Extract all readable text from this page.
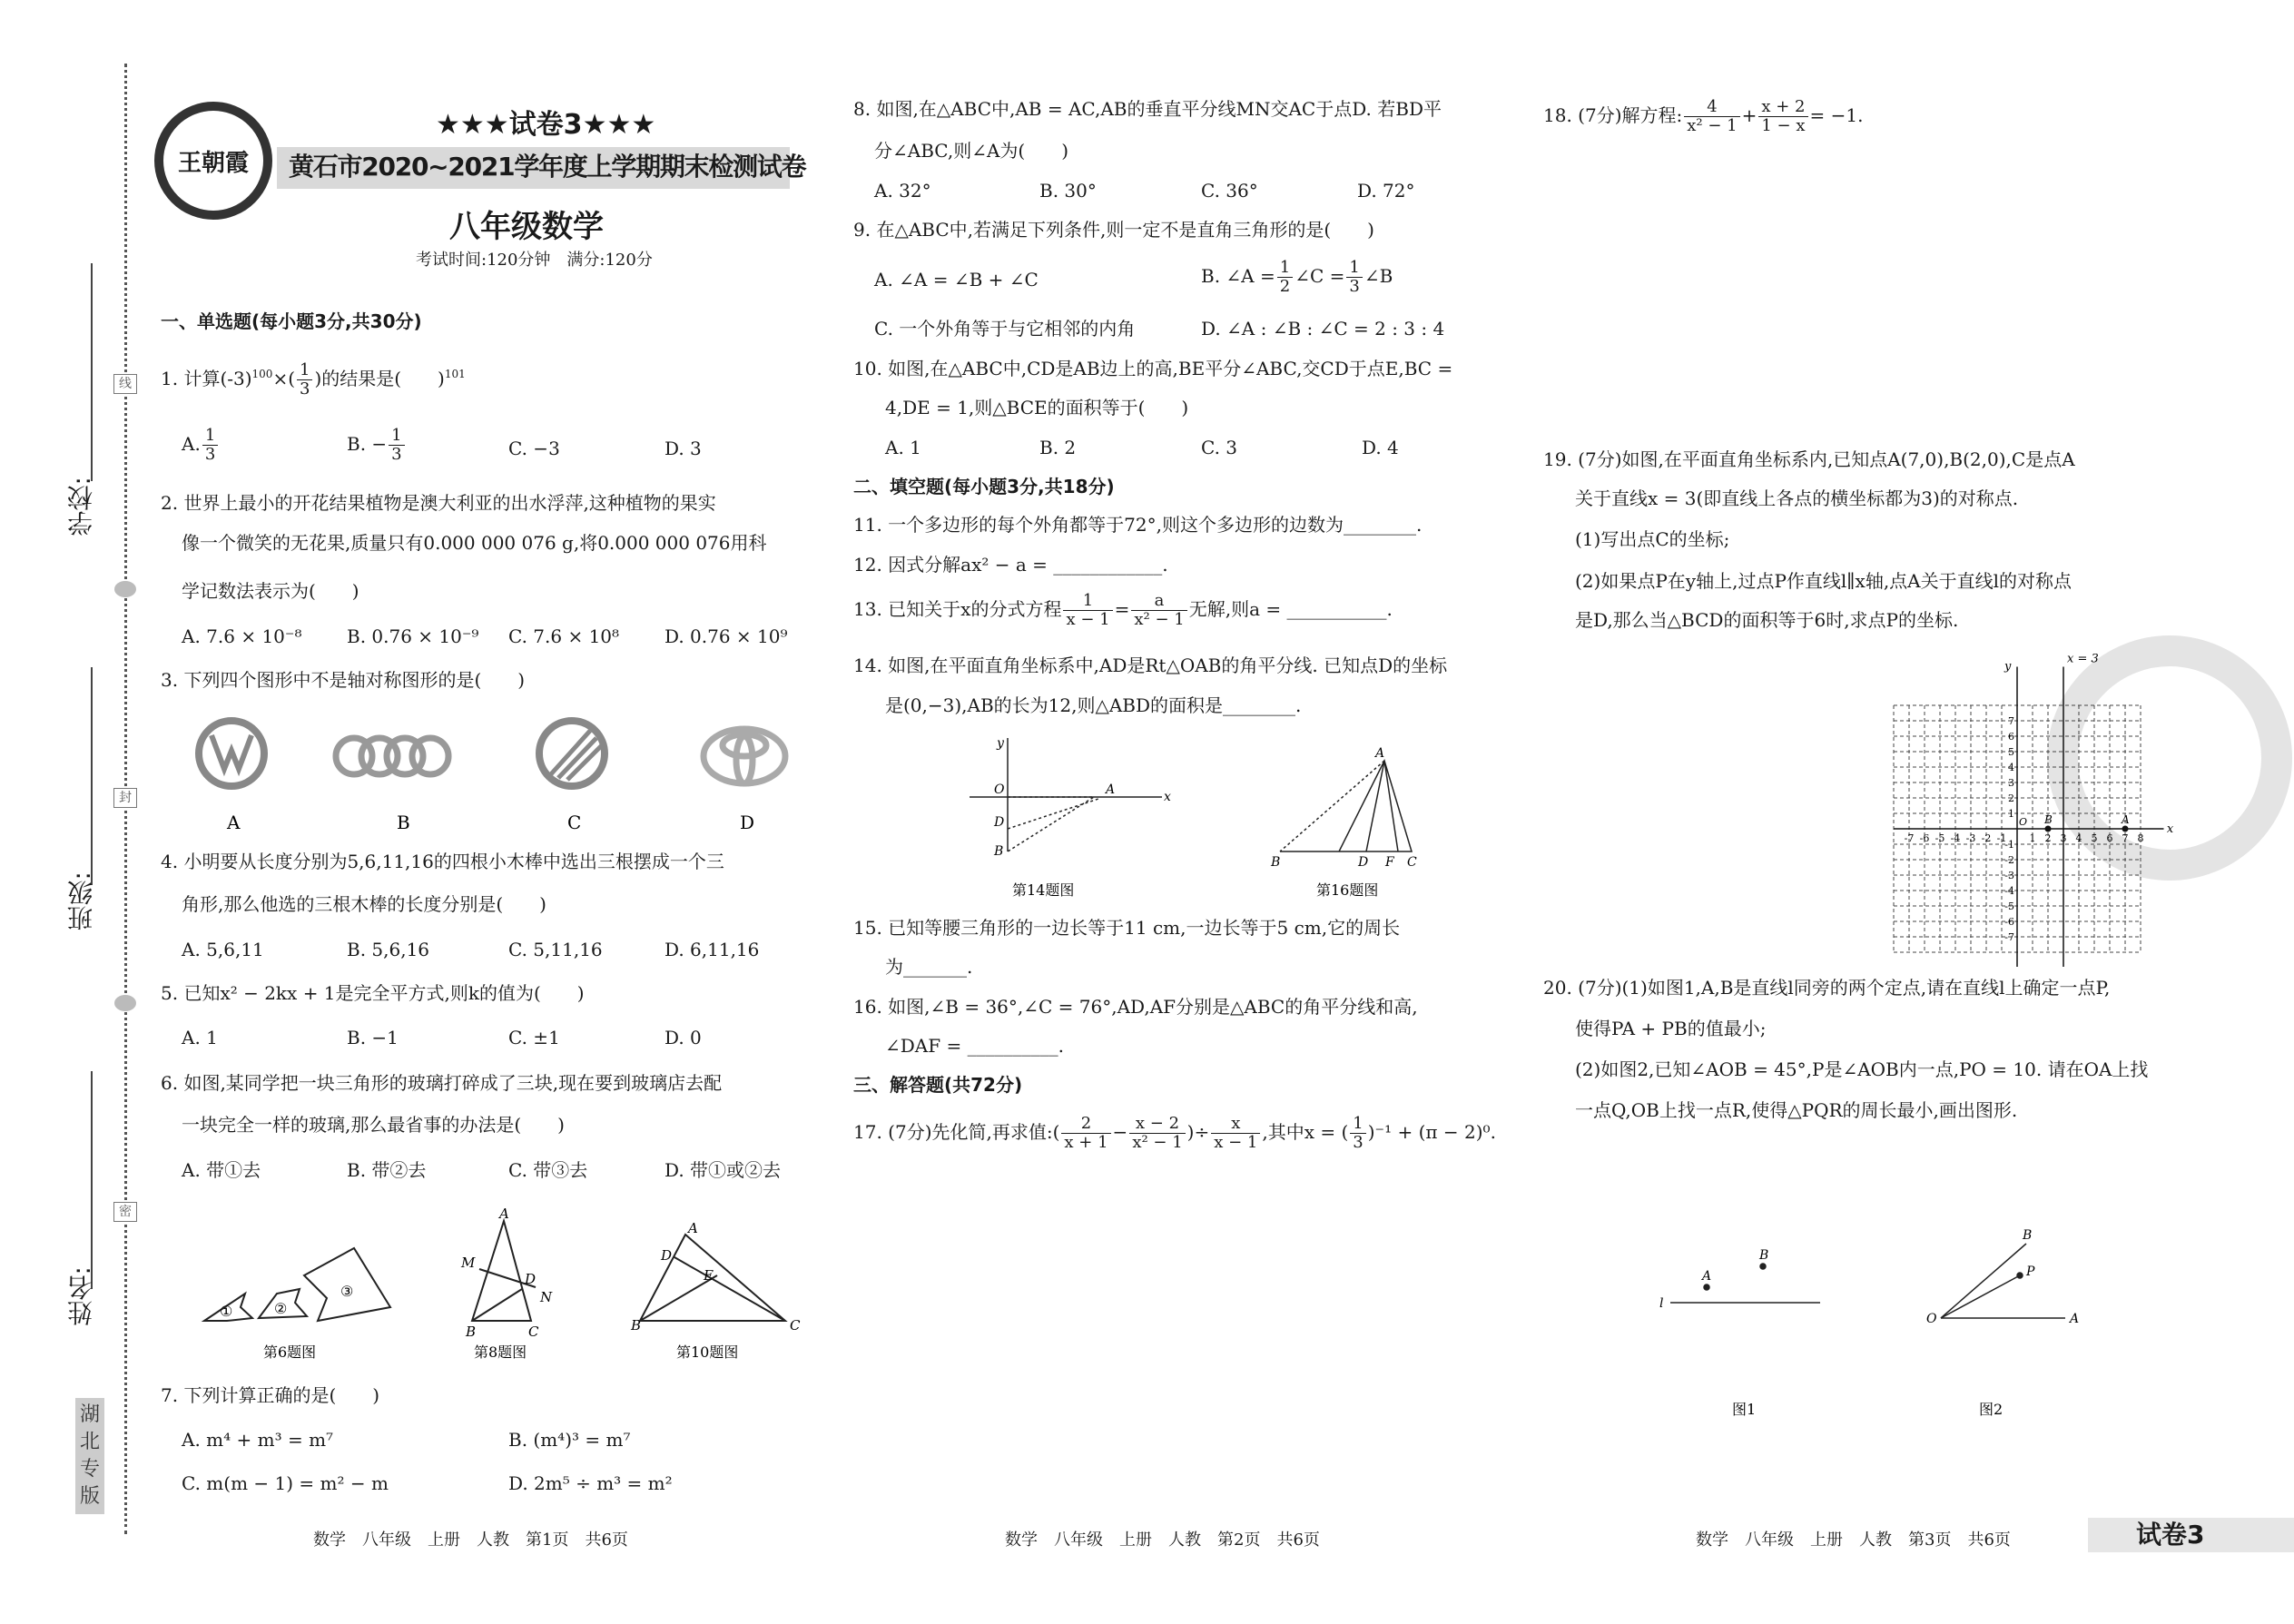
线
封
密
学校:
班级:
姓名:
湖北专版
王朝霞
★★★试卷3★★★
黄石市2020~2021学年度上学期期末检测试卷
八年级数学
考试时间:120分钟　满分:120分
一、单选题(每小题3分,共30分)
1. 计算$(-3)^{100}\times( \frac{1}{3}$ )的结果是(　　)$^{101}$
A. $\frac{1}{3}$	B. − $\frac{1}{3}$	C. −3	D. 3
2. 世界上最小的开花结果植物是澳大利亚的出水浮萍,这种植物的果实
像一个微笑的无花果,质量只有0.000 000 076 g,将0.000 000 076用科
学记数法表示为(　　)
A. 7.6 × 10⁻⁸ B. 0.76 × 10⁻⁹ C. 7.6 × 10⁸ D. 0.76 × 10⁹
3. 下列四个图形中不是轴对称图形的是(　　)
A	B	C	D
4. 小明要从长度分别为5,6,11,16的四根小木棒中选出三根摆成一个三
角形,那么他选的三根木棒的长度分别是(　　)
A. 5,6,11	B. 5,6,16	C. 5,11,16	D. 6,11,16
5. 已知x² − 2kx + 1是完全平方式,则k的值为(　　)
A. 1	B. −1	C. ±1	D. 0
6. 如图,某同学把一块三角形的玻璃打碎成了三块,现在要到玻璃店去配
一块完全一样的玻璃,那么最省事的办法是(　　)
A. 带①去	B. 带②去	C. 带③去	D. 带①或②去
①	②
③
第6题图
A
B	C
M
D
N
第8题图
A
B	C
D
E
第10题图
7. 下列计算正确的是(　　)
A. m⁴ + m³ = m⁷	B. (m⁴)³ = m⁷
C. m(m − 1) = m² − m	D. 2m⁵ ÷ m³ = m²
数学　八年级　上册　人教　第1页　共6页
8. 如图,在△ABC中,AB = AC,AB的垂直平分线MN交AC于点D. 若BD平
分∠ABC,则∠A为(　　)
A. 32°	B. 30°	C. 36°	D. 72°
9. 在△ABC中,若满足下列条件,则一定不是直角三角形的是(　　)
A. ∠A = ∠B + ∠C	B. ∠A = $\frac{1}{2}$ ∠C = $\frac{1}{3}$ ∠B
C. 一个外角等于与它相邻的内角	D. ∠A : ∠B : ∠C = 2 : 3 : 4
10. 如图,在△ABC中,CD是AB边上的高,BE平分∠ABC,交CD于点E,BC =
4,DE = 1,则△BCE的面积等于(　　)
A. 1	B. 2	C. 3	D. 4
二、填空题(每小题3分,共18分)
11. 一个多边形的每个外角都等于72°,则这个多边形的边数为________.
12. 因式分解ax² − a = ____________.
13. 已知关于x的分式方程 $\frac{1}{x - 1} = \frac{a}{\text{x² − 1}}$ 无解,则a = ___________.
14. 如图,在平面直角坐标系中,AD是Rt△OAB的角平分线. 已知点D的坐标
是(0,−3),AB的长为12,则△ABD的面积是________.
y
x
O	A
D
B
第14题图
A
B	D F C
第16题图
15. 已知等腰三角形的一边长等于11 cm,一边长等于5 cm,它的周长
为_______.
16. 如图,∠B = 36°,∠C = 76°,AD,AF分别是△ABC的角平分线和高,
∠DAF = __________.
三、解答题(共72分)
17. (7分)先化简,再求值:( $\frac{2}{x + 1} - \frac{x - 2}{\text{x² − 1}}$ )÷ $\frac{x}{x - 1}$ ,其中x = ( $\frac{1}{3} )^{-1} + (\pi - 2)^0$.
数学　八年级　上册　人教　第2页　共6页
18. (7分)解方程: $\frac{4}{\text{x² − 1}} + \frac{x + 2}{1 - x} = -1$.
19. (7分)如图,在平面直角坐标系内,已知点A(7,0),B(2,0),C是点A
关于直线x = 3(即直线上各点的横坐标都为3)的对称点.
(1)写出点C的坐标;
(2)如果点P在y轴上,过点P作直线l∥x轴,点A关于直线l的对称点
是D,那么当△BCD的面积等于6时,求点P的坐标.
x
y
x = 3
O
-7 -6 -5 -4 -3 -2 -1 1 2 3 4 5 6 7 8
-7
-6
-5
-4
-3
-2
-1
1
2
3
4
5
6
7
A
B
20. (7分)(1)如图1,A,B是直线l同旁的两个定点,请在直线l上确定一点P,
使得PA + PB的值最小;
(2)如图2,已知∠AOB = 45°,P是∠AOB内一点,PO = 10. 请在OA上找
一点Q,OB上找一点R,使得△PQR的周长最小,画出图形.
l
A
B
图1
O	A
B
P
图2
数学　八年级　上册　人教　第3页　共6页	试卷3
